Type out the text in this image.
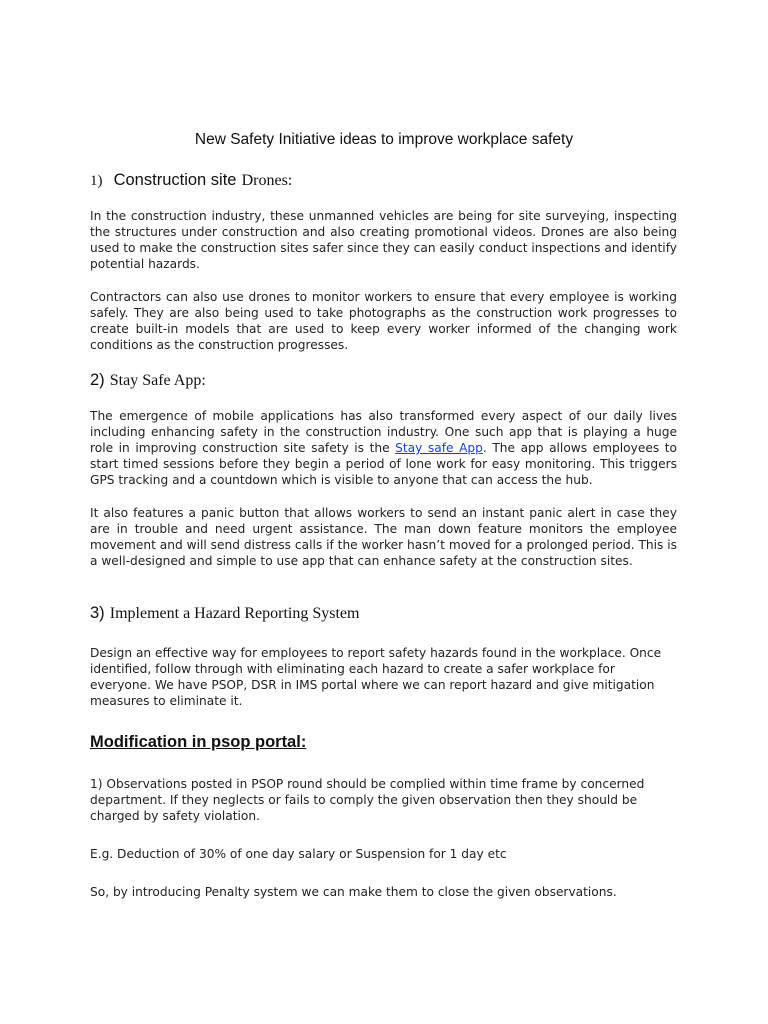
New Safety Initiative ideas to improve workplace safety
1) Construction site Drones:

In the construction industry, these unmanned vehicles are being for site surveying, inspecting the structures under construction and also creating promotional videos. Drones are also being used to make the construction sites safer since they can easily conduct inspections and identify potential hazards.

Contractors can also use drones to monitor workers to ensure that every employee is working safely. They are also being used to take photographs as the construction work progresses to create built-in models that are used to keep every worker informed of the changing work conditions as the construction progresses.

2) Stay Safe App:

The emergence of mobile applications has also transformed every aspect of our daily lives including enhancing safety in the construction industry. One such app that is playing a huge role in improving construction site safety is the Stay safe App. The app allows employees to start timed sessions before they begin a period of lone work for easy monitoring. This triggers GPS tracking and a countdown which is visible to anyone that can access the hub.

It also features a panic button that allows workers to send an instant panic alert in case they are in trouble and need urgent assistance. The man down feature monitors the employee movement and will send distress calls if the worker hasn’t moved for a prolonged period. This is a well-designed and simple to use app that can enhance safety at the construction sites.

3) Implement a Hazard Reporting System

Design an effective way for employees to report safety hazards found in the workplace. Once identified, follow through with eliminating each hazard to create a safer workplace for everyone. We have PSOP, DSR in IMS portal where we can report hazard and give mitigation measures to eliminate it.

Modification in psop portal:

1) Observations posted in PSOP round should be complied within time frame by concerned department. If they neglects or fails to comply the given observation then they should be charged by safety violation.

E.g. Deduction of 30% of one day salary or Suspension for 1 day etc

So, by introducing Penalty system we can make them to close the given observations.
